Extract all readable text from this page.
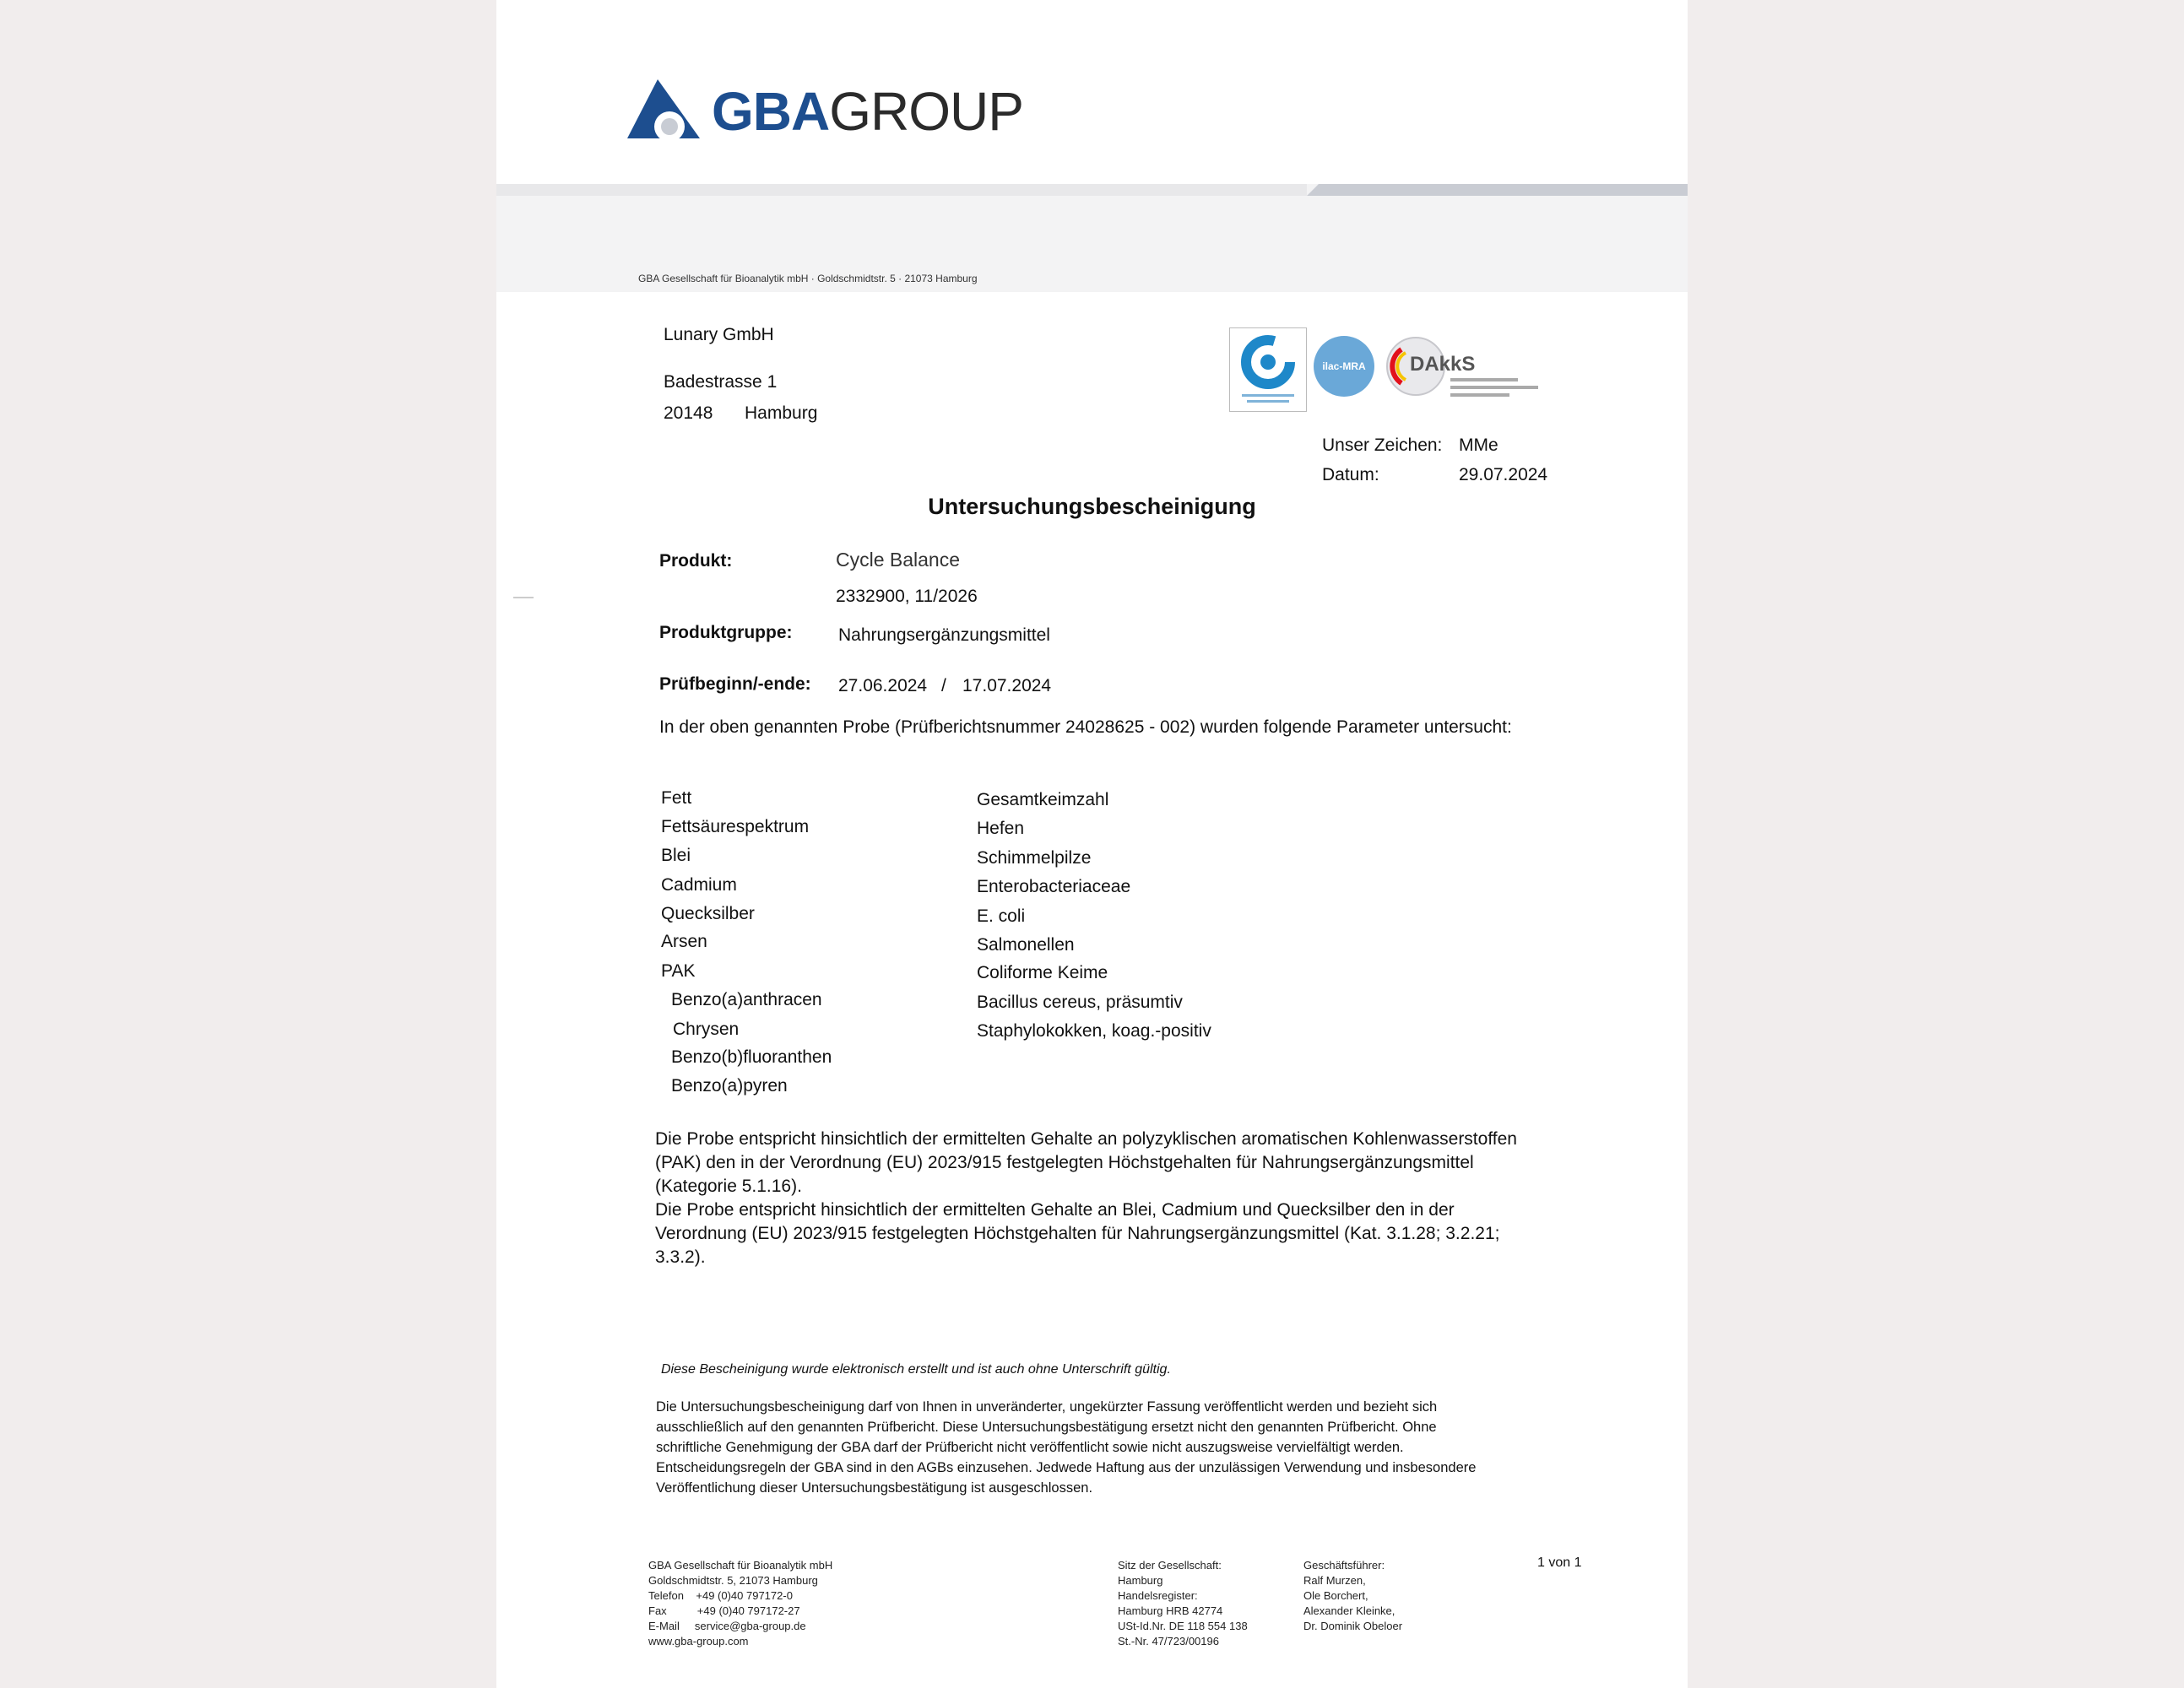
GBAGROUP
GBA Gesellschaft für Bioanalytik mbH · Goldschmidtstr. 5 · 21073 Hamburg
Lunary GmbH
Badestrasse 1
20148 Hamburg
ilac-MRA DAkkS
Unser Zeichen: MMe
Datum:	29.07.2024
Untersuchungsbescheinigung
Produkt:	Cycle Balance
2332900, 11/2026
Produktgruppe:	Nahrungsergänzungsmittel
Prüfbeginn/-ende: 27.06.2024 / 17.07.2024
In der oben genannten Probe (Prüfberichtsnummer 24028625 - 002) wurden folgende Parameter untersucht:
Fett
Fettsäurespektrum
Blei
Cadmium
Quecksilber
Arsen
PAK
Benzo(a)anthracen
Chrysen
Benzo(b)fluoranthen
Benzo(a)pyren
Gesamtkeimzahl
Hefen
Schimmelpilze
Enterobacteriaceae
E. coli
Salmonellen
Coliforme Keime
Bacillus cereus, präsumtiv
Staphylokokken, koag.-positiv
Die Probe entspricht hinsichtlich der ermittelten Gehalte an polyzyklischen aromatischen Kohlenwasserstoffen
(PAK) den in der Verordnung (EU) 2023/915 festgelegten Höchstgehalten für Nahrungsergänzungsmittel
(Kategorie 5.1.16).
Die Probe entspricht hinsichtlich der ermittelten Gehalte an Blei, Cadmium und Quecksilber den in der
Verordnung (EU) 2023/915 festgelegten Höchstgehalten für Nahrungsergänzungsmittel (Kat. 3.1.28; 3.2.21;
3.3.2).
Diese Bescheinigung wurde elektronisch erstellt und ist auch ohne Unterschrift gültig.
Die Untersuchungsbescheinigung darf von Ihnen in unveränderter, ungekürzter Fassung veröffentlicht werden und bezieht sich
ausschließlich auf den genannten Prüfbericht. Diese Untersuchungsbestätigung ersetzt nicht den genannten Prüfbericht. Ohne
schriftliche Genehmigung der GBA darf der Prüfbericht nicht veröffentlicht sowie nicht auszugsweise vervielfältigt werden.
Entscheidungsregeln der GBA sind in den AGBs einzusehen. Jedwede Haftung aus der unzulässigen Verwendung und insbesondere
Veröffentlichung dieser Untersuchungsbestätigung ist ausgeschlossen.
GBA Gesellschaft für Bioanalytik mbH
Goldschmidtstr. 5, 21073 Hamburg
Telefon    +49 (0)40 797172-0
Fax          +49 (0)40 797172-27
E-Mail     service@gba-group.de
www.gba-group.com
Sitz der Gesellschaft:
Hamburg
Handelsregister:
Hamburg HRB 42774
USt-Id.Nr. DE 118 554 138
St.-Nr. 47/723/00196
Geschäftsführer:
Ralf Murzen,
Ole Borchert,
Alexander Kleinke,
Dr. Dominik Obeloer
1 von 1
